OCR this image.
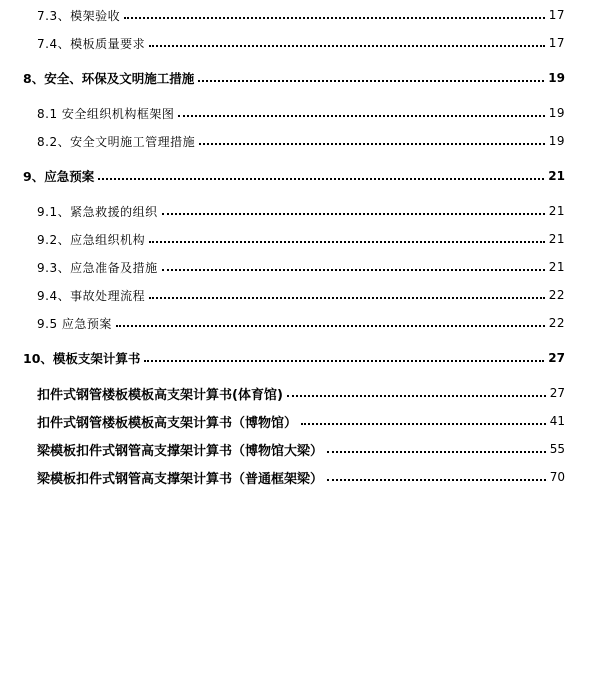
7.3、模架验收	17
7.4、模板质量要求	17
8、安全、环保及文明施工措施	19
8.1 安全组织机构框架图	19
8.2、安全文明施工管理措施	19
9、应急预案	21
9.1、紧急救援的组织	21
9.2、应急组织机构	21
9.3、应急准备及措施	21
9.4、事故处理流程	22
9.5 应急预案	22
10、模板支架计算书	27
扣件式钢管楼板模板高支架计算书(体育馆)	27
扣件式钢管楼板模板高支架计算书（博物馆）	41
梁模板扣件式钢管高支撑架计算书（博物馆大梁）	55
梁模板扣件式钢管高支撑架计算书（普通框架梁）	70
